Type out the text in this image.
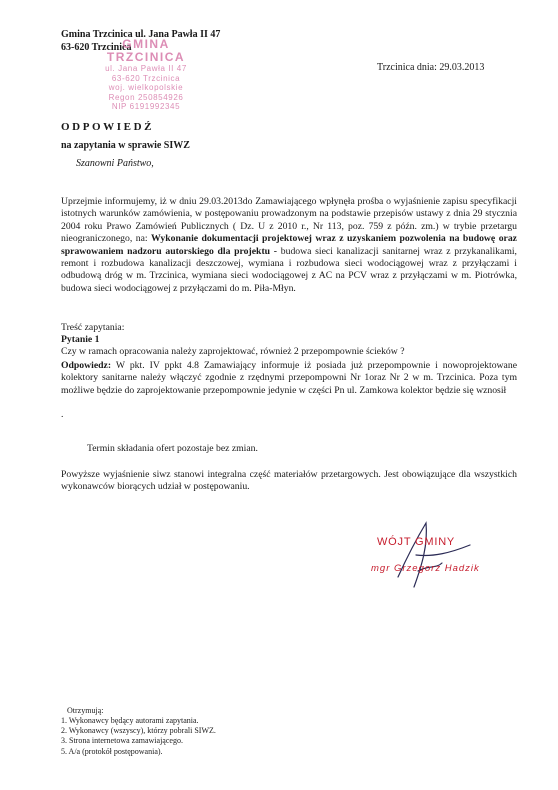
Gmina Trzcinica ul. Jana Pawła II 47
63-620 Trzcinica
GMINA TRZCINICA
ul. Jana Pawła II 47
63-620 Trzcinica
woj. wielkopolskie
Regon 250854926
NIP 6191992345
Trzcinica dnia: 29.03.2013
ODPOWIEDŹ
na zapytania w sprawie SIWZ
Szanowni Państwo,
Uprzejmie informujemy, iż w dniu 29.03.2013do Zamawiającego wpłynęła prośba o wyjaśnienie zapisu specyfikacji istotnych warunków zamówienia, w postępowaniu prowadzonym na podstawie przepisów ustawy z dnia 29 stycznia 2004 roku Prawo Zamówień Publicznych ( Dz. U z 2010 r., Nr 113, poz. 759 z późn. zm.) w trybie przetargu nieograniczonego, na: Wykonanie dokumentacji projektowej wraz z uzyskaniem pozwolenia na budowę oraz sprawowaniem nadzoru autorskiego dla projektu - budowa sieci kanalizacji sanitarnej wraz z przykanalikami, remont i rozbudowa kanalizacji deszczowej, wymiana i rozbudowa sieci wodociągowej wraz z przyłączami i odbudową dróg w m. Trzcinica, wymiana sieci wodociągowej z AC na PCV wraz z przyłączami w m. Piotrówka, budowa sieci wodociągowej z przyłączami do m. Piła-Młyn.
Treść zapytania:
Pytanie 1
Czy w ramach opracowania należy zaprojektować, również 2 przepompownie ścieków ?
Odpowiedz: W pkt. IV ppkt 4.8 Zamawiający informuje iż posiada już przepompownie i nowoprojektowane kolektory sanitarne należy włączyć zgodnie z rzędnymi przepompowni Nr 1oraz Nr 2 w m. Trzcinica. Poza tym możliwe będzie do zaprojektowanie przepompownie jedynie w części Pn ul. Zamkowa kolektor będzie się wznosił
.
Termin składania ofert pozostaje bez zmian.
Powyższe wyjaśnienie siwz stanowi integralna część materiałów przetargowych. Jest obowiązujące dla wszystkich wykonawców biorących udział w postępowaniu.
WÓJT GMINY
mgr Grzegorz Hadzik
Otrzymują:
1. Wykonawcy będący autorami zapytania.
2. Wykonawcy (wszyscy), którzy pobrali SIWZ.
3. Strona internetowa zamawiającego.
5. A/a (protokół postępowania).
